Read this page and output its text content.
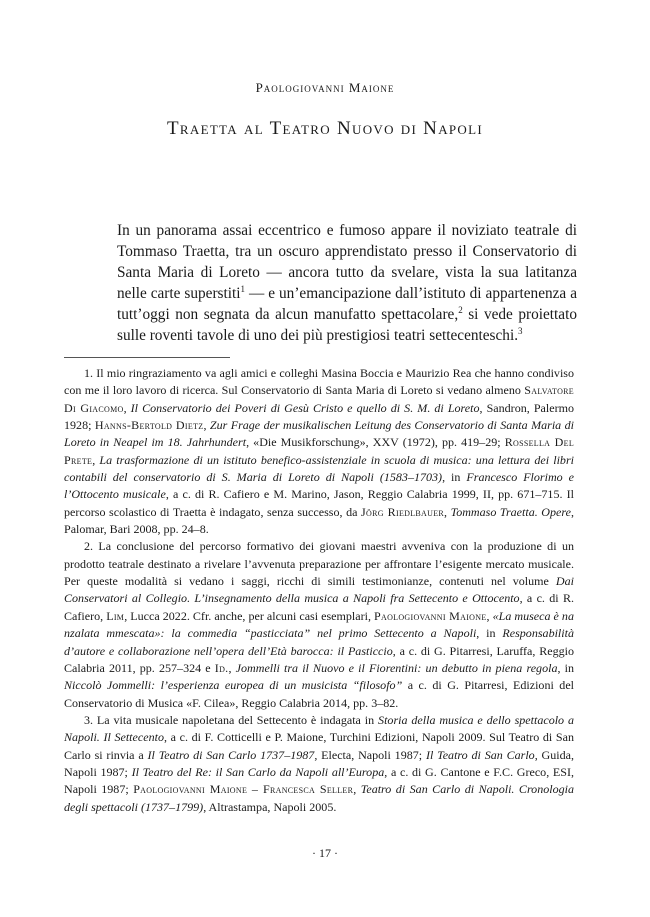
Paologiovanni Maione
Traetta al Teatro Nuovo di Napoli
In un panorama assai eccentrico e fumoso appare il noviziato teatrale di Tommaso Traetta, tra un oscuro apprendistato presso il Conservatorio di Santa Maria di Loreto — ancora tutto da svelare, vista la sua latitanza nelle carte superstiti$^1$ — e un’emancipazione dall’istituto di appartenenza a tutt’oggi non segnata da alcun manufatto spettacolare,$^2$ si vede proiettato sulle roventi tavole di uno dei più prestigiosi teatri settecenteschi.$^3$

1. Il mio ringraziamento va agli amici e colleghi Masina Boccia e Maurizio Rea che hanno condiviso con me il loro lavoro di ricerca. Sul Conservatorio di Santa Maria di Loreto si vedano almeno Salvatore Di Giacomo, Il Conservatorio dei Poveri di Gesù Cristo e quello di S. M. di Loreto, Sandron, Palermo 1928; Hanns-Bertold Dietz, Zur Frage der musikalischen Leitung des Conservatorio di Santa Maria di Loreto in Neapel im 18. Jahrhundert, «Die Musikforschung», XXV (1972), pp. 419–29; Rossella Del Prete, La trasformazione di un istituto benefico-assistenziale in scuola di musica: una lettura dei libri contabili del conservatorio di S. Maria di Loreto di Napoli (1583–1703), in Francesco Florimo e l’Ottocento musicale, a c. di R. Cafiero e M. Marino, Jason, Reggio Calabria 1999, II, pp. 671–715. Il percorso scolastico di Traetta è indagato, senza successo, da Jörg Riedlbauer, Tommaso Traetta. Opere, Palomar, Bari 2008, pp. 24–8.

2. La conclusione del percorso formativo dei giovani maestri avveniva con la produzione di un prodotto teatrale destinato a rivelare l’avvenuta preparazione per affrontare l’esigente mercato musicale. Per queste modalità si vedano i saggi, ricchi di simili testimonianze, contenuti nel volume Dai Conservatori al Collegio. L’insegnamento della musica a Napoli fra Settecento e Ottocento, a c. di R. Cafiero, Lim, Lucca 2022. Cfr. anche, per alcuni casi esemplari, Paologiovanni Maione, «La museca è na nzalata mmescata»: la commedia “pasticciata” nel primo Settecento a Napoli, in Responsabilità d’autore e collaborazione nell’opera dell’Età barocca: il Pasticcio, a c. di G. Pitarresi, Laruffa, Reggio Calabria 2011, pp. 257–324 e Id., Jommelli tra il Nuovo e il Fiorentini: un debutto in piena regola, in Niccolò Jommelli: l’esperienza europea di un musicista “filosofo” a c. di G. Pitarresi, Edizioni del Conservatorio di Musica «F. Cilea», Reggio Calabria 2014, pp. 3–82.

3. La vita musicale napoletana del Settecento è indagata in Storia della musica e dello spettacolo a Napoli. Il Settecento, a c. di F. Cotticelli e P. Maione, Turchini Edizioni, Napoli 2009. Sul Teatro di San Carlo si rinvia a Il Teatro di San Carlo 1737–1987, Electa, Napoli 1987; Il Teatro di San Carlo, Guida, Napoli 1987; Il Teatro del Re: il San Carlo da Napoli all’Europa, a c. di G. Cantone e F.C. Greco, ESI, Napoli 1987; Paologiovanni Maione – Francesca Seller, Teatro di San Carlo di Napoli. Cronologia degli spettacoli (1737–1799), Altrastampa, Napoli 2005.

· 17 ·
